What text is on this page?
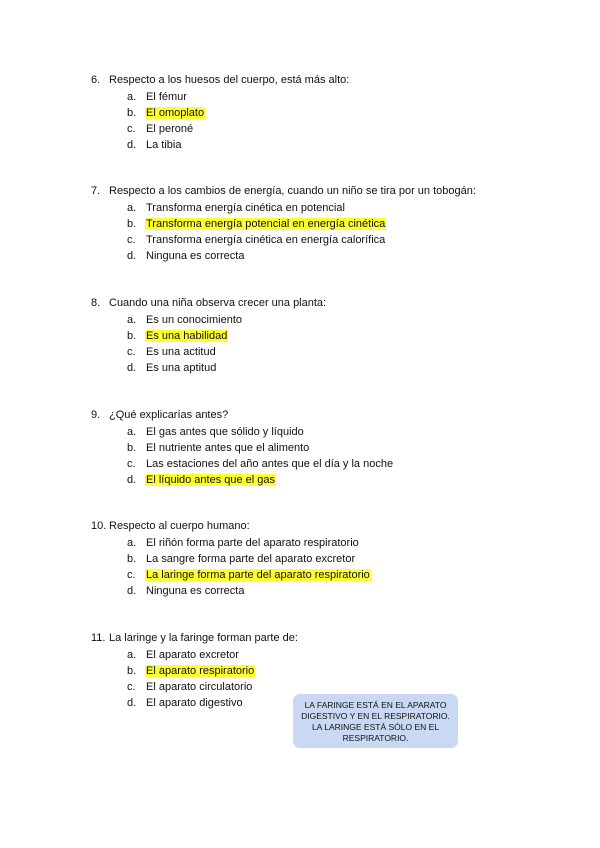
6. Respecto a los huesos del cuerpo, está más alto:
a. El fémur
b. El omoplato
c. El peroné
d. La tibia
7. Respecto a los cambios de energía, cuando un niño se tira por un tobogán:
a. Transforma energía cinética en potencial
b. Transforma energía potencial en energía cinética
c. Transforma energía cinética en energía calorífica
d. Ninguna es correcta
8. Cuando una niña observa crecer una planta:
a. Es un conocimiento
b. Es una habilidad
c. Es una actitud
d. Es una aptitud
9. ¿Qué explicarías antes?
a. El gas antes que sólido y líquido
b. El nutriente antes que el alimento
c. Las estaciones del año antes que el día y la noche
d. El líquido antes que el gas
10. Respecto al cuerpo humano:
a. El riñón forma parte del aparato respiratorio
b. La sangre forma parte del aparato excretor
c. La laringe forma parte del aparato respiratorio
d. Ninguna es correcta
11. La laringe y la faringe forman parte de:
a. El aparato excretor
b. El aparato respiratorio
c. El aparato circulatorio
d. El aparato digestivo	LA FARINGE ESTÁ EN EL APARATO
DIGESTIVO Y EN EL RESPIRATORIO.
LA LARINGE ESTÁ SÓLO EN EL
RESPIRATORIO.
